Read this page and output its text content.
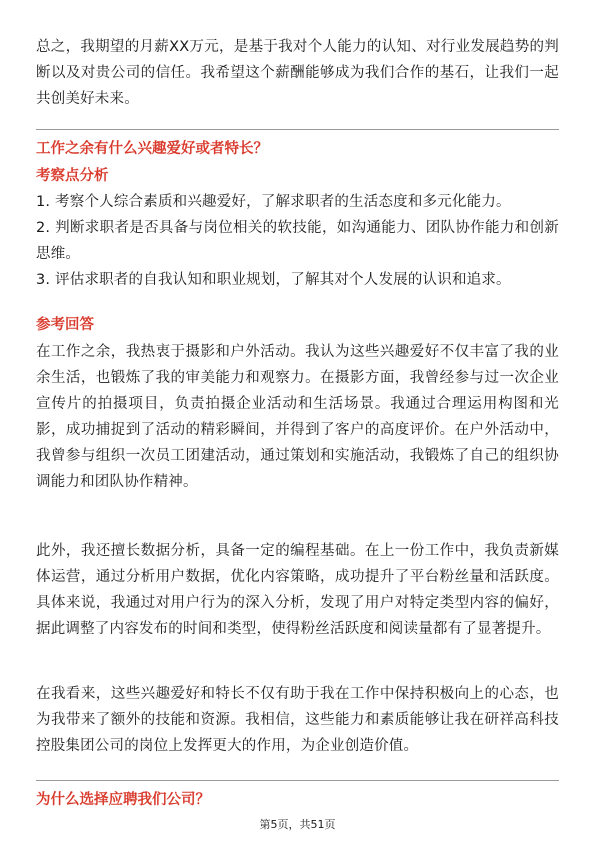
总之，我期望的月薪XX万元，是基于我对个人能力的认知、对行业发展趋势的判断以及对贵公司的信任。我希望这个薪酬能够成为我们合作的基石，让我们一起共创美好未来。

工作之余有什么兴趣爱好或者特长？

考察点分析

1. 考察个人综合素质和兴趣爱好，了解求职者的生活态度和多元化能力。

2. 判断求职者是否具备与岗位相关的软技能，如沟通能力、团队协作能力和创新思维。

3. 评估求职者的自我认知和职业规划，了解其对个人发展的认识和追求。

参考回答

在工作之余，我热衷于摄影和户外活动。我认为这些兴趣爱好不仅丰富了我的业余生活，也锻炼了我的审美能力和观察力。在摄影方面，我曾经参与过一次企业宣传片的拍摄项目，负责拍摄企业活动和生活场景。我通过合理运用构图和光影，成功捕捉到了活动的精彩瞬间，并得到了客户的高度评价。在户外活动中，我曾参与组织一次员工团建活动，通过策划和实施活动，我锻炼了自己的组织协调能力和团队协作精神。

此外，我还擅长数据分析，具备一定的编程基础。在上一份工作中，我负责新媒体运营，通过分析用户数据，优化内容策略，成功提升了平台粉丝量和活跃度。具体来说，我通过对用户行为的深入分析，发现了用户对特定类型内容的偏好，据此调整了内容发布的时间和类型，使得粉丝活跃度和阅读量都有了显著提升。

在我看来，这些兴趣爱好和特长不仅有助于我在工作中保持积极向上的心态，也为我带来了额外的技能和资源。我相信，这些能力和素质能够让我在研祥高科技控股集团公司的岗位上发挥更大的作用，为企业创造价值。

为什么选择应聘我们公司？

第5页，共51页
